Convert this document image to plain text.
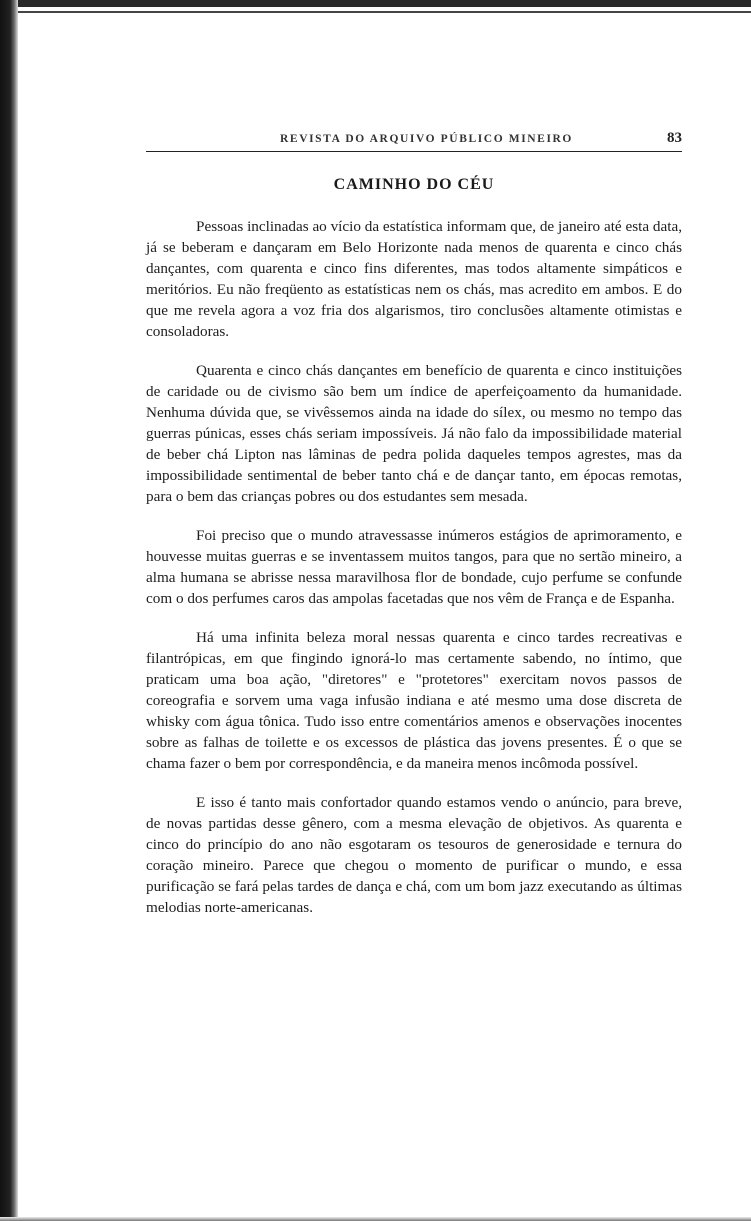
REVISTA DO ARQUIVO PÚBLICO MINEIRO	83
CAMINHO DO CÉU

Pessoas inclinadas ao vício da estatística informam que, de janeiro até esta data, já se beberam e dançaram em Belo Horizonte nada menos de quarenta e cinco chás dançantes, com quarenta e cinco fins diferentes, mas todos altamente simpáticos e meritórios. Eu não freqüento as estatísticas nem os chás, mas acredito em ambos. E do que me revela agora a voz fria dos algarismos, tiro conclusões altamente otimistas e consoladoras.

Quarenta e cinco chás dançantes em benefício de quarenta e cinco instituições de caridade ou de civismo são bem um índice de aperfeiçoamento da humanidade. Nenhuma dúvida que, se vivêssemos ainda na idade do sílex, ou mesmo no tempo das guerras púnicas, esses chás seriam impossíveis. Já não falo da impossibilidade material de beber chá Lipton nas lâminas de pedra polida daqueles tempos agrestes, mas da impossibilidade sentimental de beber tanto chá e de dançar tanto, em épocas remotas, para o bem das crianças pobres ou dos estudantes sem mesada.

Foi preciso que o mundo atravessasse inúmeros estágios de aprimoramento, e houvesse muitas guerras e se inventassem muitos tangos, para que no sertão mineiro, a alma humana se abrisse nessa maravilhosa flor de bondade, cujo perfume se confunde com o dos perfumes caros das ampolas facetadas que nos vêm de França e de Espanha.

Há uma infinita beleza moral nessas quarenta e cinco tardes recreativas e filantrópicas, em que fingindo ignorá-lo mas certamente sabendo, no íntimo, que praticam uma boa ação, "diretores" e "protetores" exercitam novos passos de coreografia e sorvem uma vaga infusão indiana e até mesmo uma dose discreta de whisky com água tônica. Tudo isso entre comentários amenos e observações inocentes sobre as falhas de toilette e os excessos de plástica das jovens presentes. É o que se chama fazer o bem por correspondência, e da maneira menos incômoda possível.

E isso é tanto mais confortador quando estamos vendo o anúncio, para breve, de novas partidas desse gênero, com a mesma elevação de objetivos. As quarenta e cinco do princípio do ano não esgotaram os tesouros de generosidade e ternura do coração mineiro. Parece que chegou o momento de purificar o mundo, e essa purificação se fará pelas tardes de dança e chá, com um bom jazz executando as últimas melodias norte-americanas.
